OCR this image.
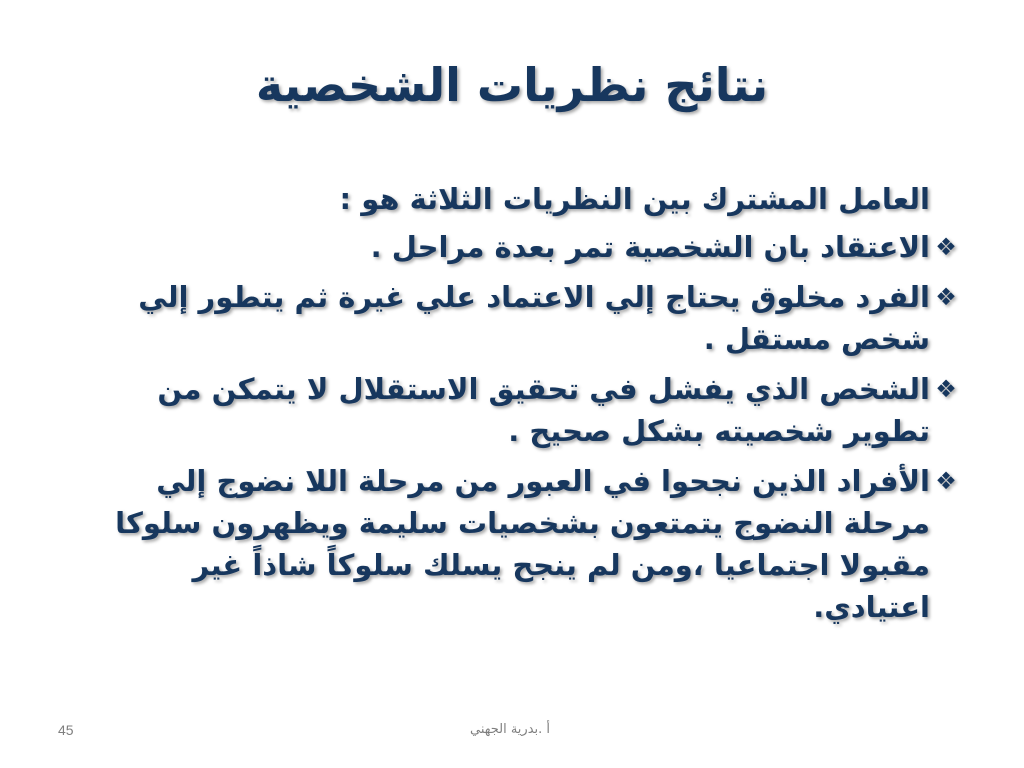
نتائج نظريات الشخصية

العامل المشترك بين النظريات الثلاثة هو :

❖
الاعتقاد بان الشخصية تمر بعدة مراحل .
❖
الفرد مخلوق يحتاج إلي الاعتماد علي غيرة ثم يتطور إلي شخص مستقل .
❖
الشخص الذي يفشل في تحقيق الاستقلال لا يتمكن من تطوير شخصيته بشكل صحيح .
❖
الأفراد الذين نجحوا في العبور من مرحلة اللا نضوج إلي مرحلة النضوج يتمتعون بشخصيات سليمة ويظهرون سلوكا مقبولا اجتماعيا ،ومن لم ينجح يسلك سلوكاً شاذاً غير اعتيادي.
أ .بدرية الجهني
45
